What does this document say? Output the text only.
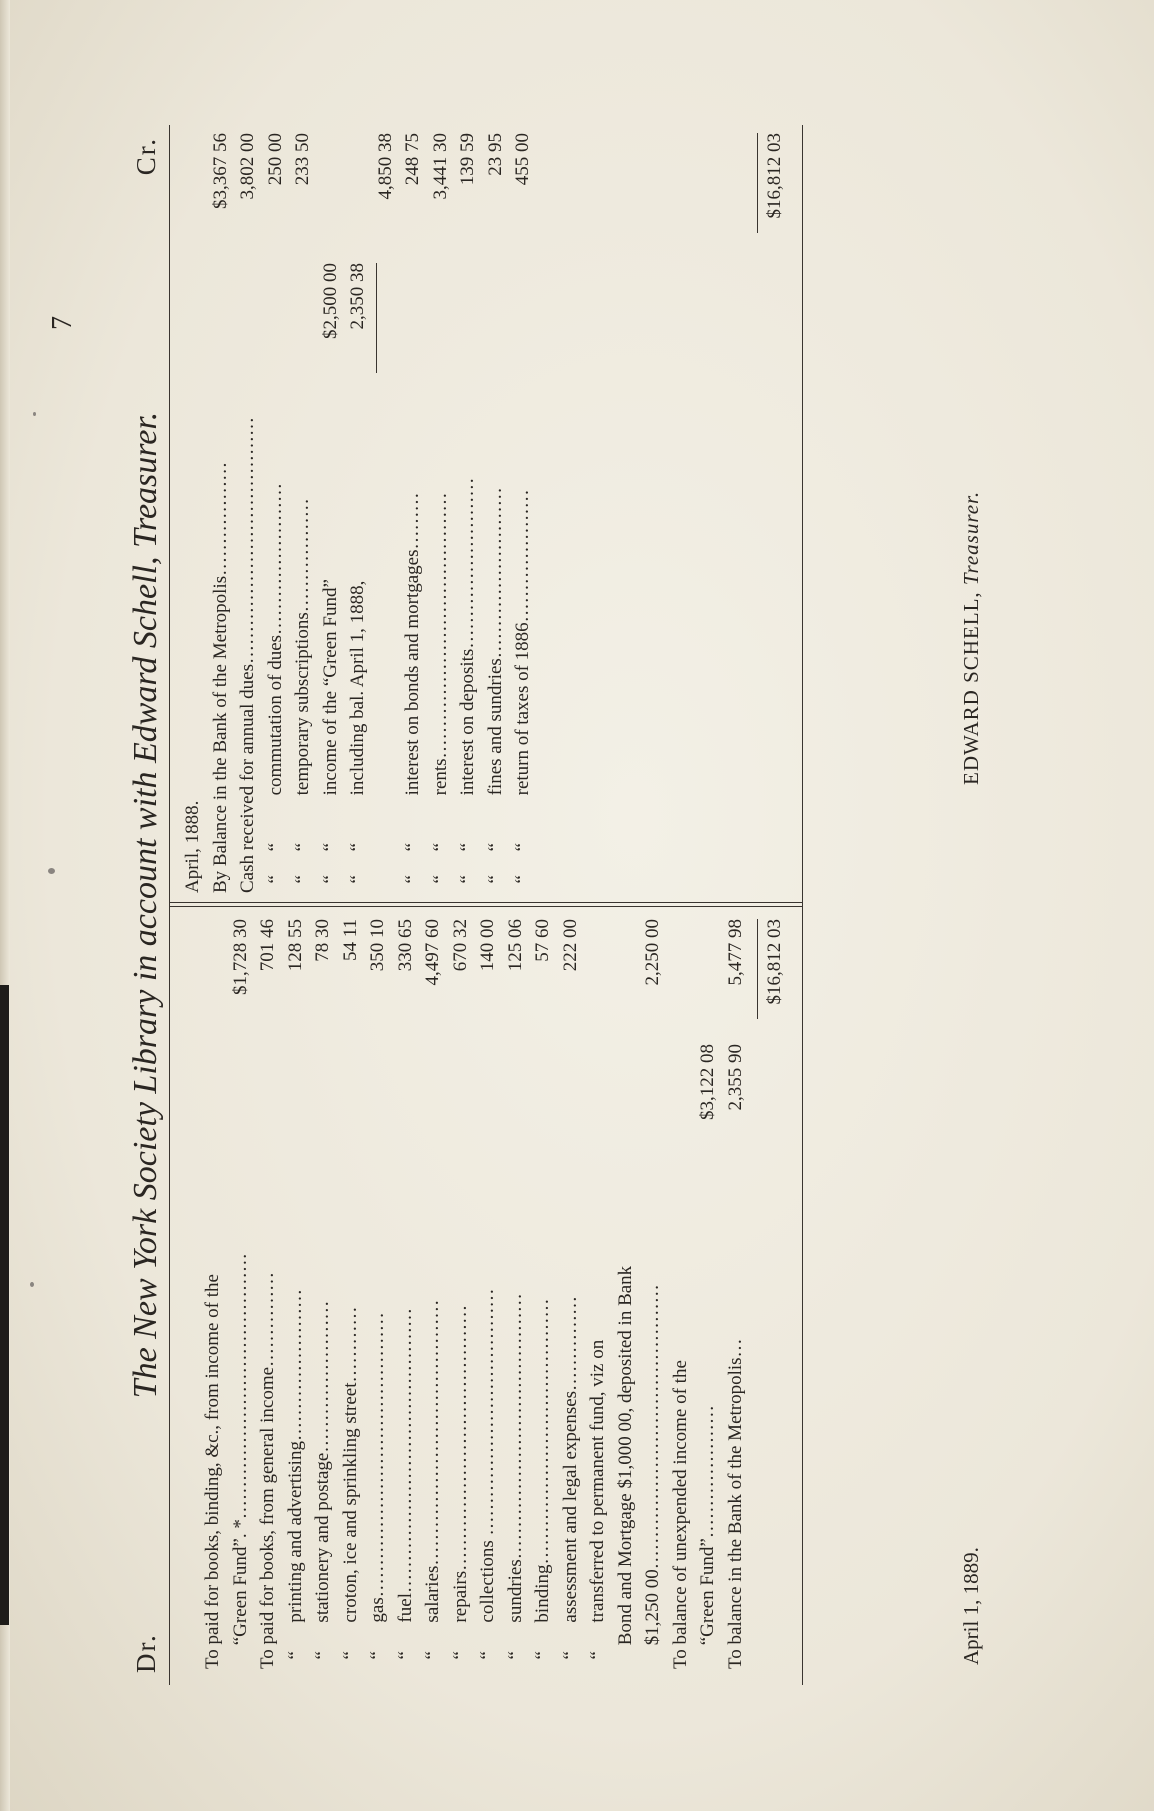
Dr.
The New York Society Library in account with Edward Schell, Treasurer.
Cr.
7
To paid for books, binding, &c., from income of the “Green Fund”. *……………………………………
$1,728 30
To paid for books, from general income……………
701 46
“      printing and advertising……………………
128 55
“      stationery and postage……………………
78 30
“      croton, ice and sprinkling street…………
54 11
“      gas………………………………………
350 10
“      fuel………………………………………
330 65
“      salaries……………………………………
4,497 60
“      repairs……………………………………
670 32
“      collections …………………………………
140 00
“      sundries……………………………………
125 06
“      binding……………………………………
57 60
“      assessment and legal expenses……………
222 00
“      transferred to permanent fund, viz on Bond and Mortgage $1,000 00, deposited in Bank $1,250 00………………………………………
2,250 00
To balance of unexpended income of the “Green Fund”…………………
$3,122 08
To balance in the Bank of the Metropolis…
2,355 90
5,477 98 $16,812 03
April, 1888. By Balance in the Bank of the Metropolis………………
$3,367 56
Cash received for annual dues…………………………………
3,802 00
“     “          commutation of dues……………………
250 00
“     “          temporary subscriptions………………
233 50
“     “          income of the “Green Fund”
$2,500 00
“     “          including bal. April 1, 1888,
2,350 38
4,850 38
“     “          interest on bonds and mortgages………
248 75
“     “          rents……………………………………
3,441 30
“     “          interest on deposits………………………
139 59
“     “          fines and sundries………………………
23 95
“     “          return of taxes of 1886…………………
455 00	$16,812 03
April 1, 1889.
EDWARD SCHELL, Treasurer.
